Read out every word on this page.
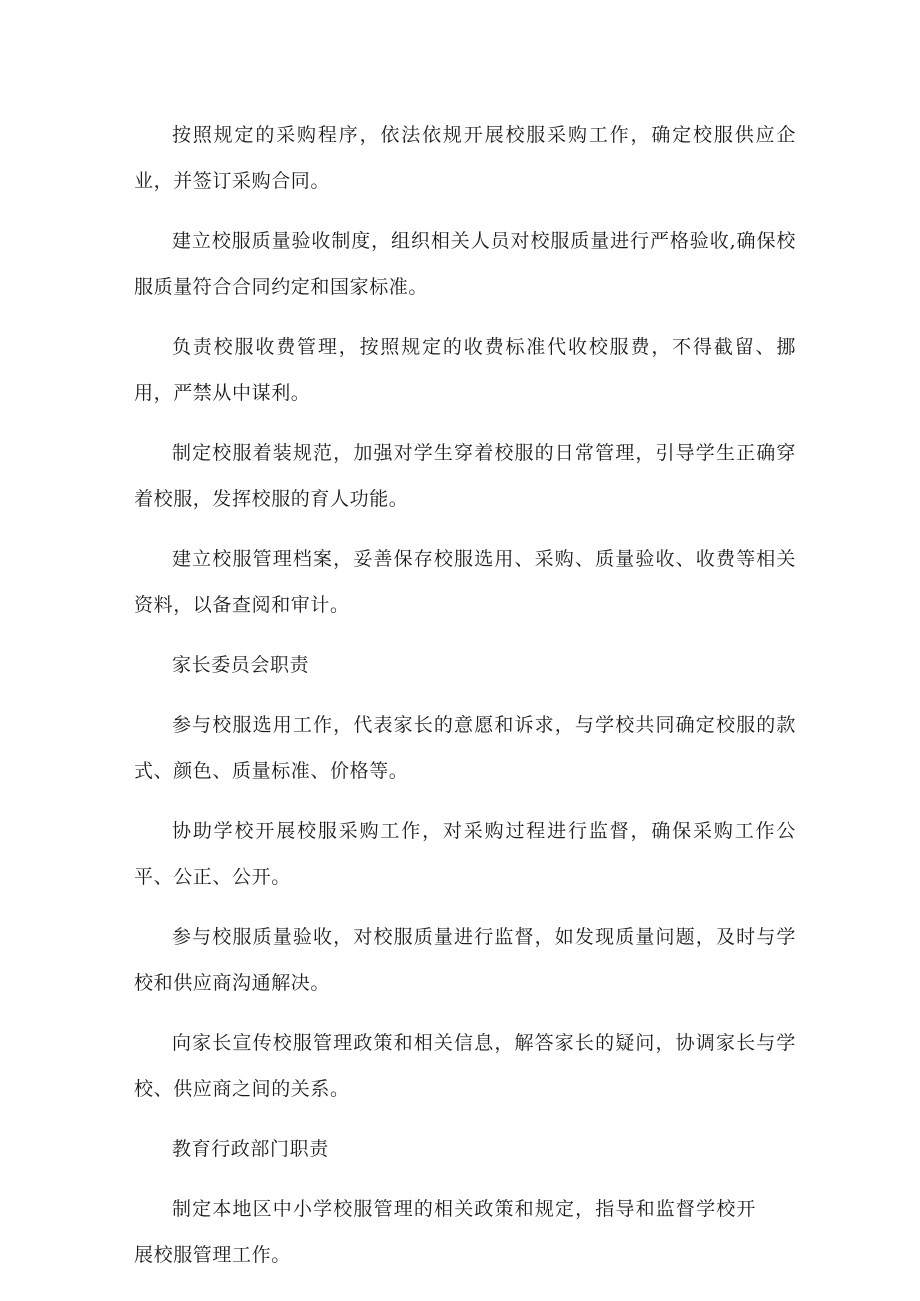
按照规定的采购程序，依法依规开展校服采购工作，确定校服供应企业，并签订采购合同。

建立校服质量验收制度，组织相关人员对校服质量进行严格验收,确保校服质量符合合同约定和国家标准。

负责校服收费管理，按照规定的收费标准代收校服费，不得截留、挪用，严禁从中谋利。

制定校服着装规范，加强对学生穿着校服的日常管理，引导学生正确穿着校服，发挥校服的育人功能。

建立校服管理档案，妥善保存校服选用、采购、质量验收、收费等相关资料，以备查阅和审计。

家长委员会职责

参与校服选用工作，代表家长的意愿和诉求，与学校共同确定校服的款式、颜色、质量标准、价格等。

协助学校开展校服采购工作，对采购过程进行监督，确保采购工作公平、公正、公开。

参与校服质量验收，对校服质量进行监督，如发现质量问题，及时与学校和供应商沟通解决。

向家长宣传校服管理政策和相关信息，解答家长的疑问，协调家长与学校、供应商之间的关系。

教育行政部门职责

制定本地区中小学校服管理的相关政策和规定，指导和监督学校开展校服管理工作。
